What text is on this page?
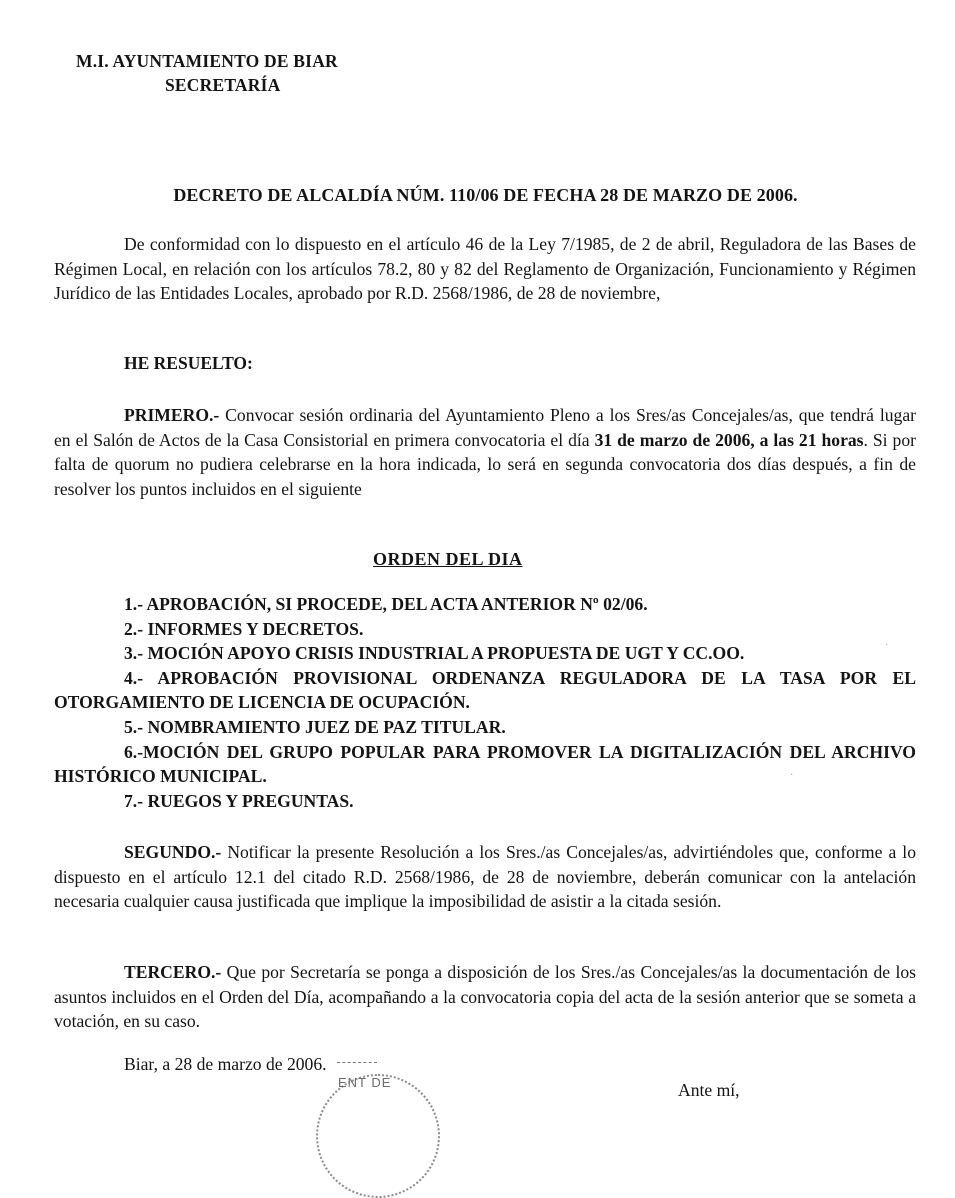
M.I. AYUNTAMIENTO DE BIAR
SECRETARÍA
DECRETO DE ALCALDÍA NÚM. 110/06 DE FECHA 28 DE MARZO DE 2006.
De conformidad con lo dispuesto en el artículo 46 de la Ley 7/1985, de 2 de abril, Reguladora de las Bases de Régimen Local, en relación con los artículos 78.2, 80 y 82 del Reglamento de Organización, Funcionamiento y Régimen Jurídico de las Entidades Locales, aprobado por R.D. 2568/1986, de 28 de noviembre,
HE RESUELTO:
PRIMERO.- Convocar sesión ordinaria del Ayuntamiento Pleno a los Sres/as Concejales/as, que tendrá lugar en el Salón de Actos de la Casa Consistorial en primera convocatoria el día 31 de marzo de 2006, a las 21 horas. Si por falta de quorum no pudiera celebrarse en la hora indicada, lo será en segunda convocatoria dos días después, a fin de resolver los puntos incluidos en el siguiente
ORDEN DEL DIA
1.- APROBACIÓN, SI PROCEDE, DEL ACTA ANTERIOR Nº 02/06.
2.- INFORMES Y DECRETOS.
3.- MOCIÓN APOYO CRISIS INDUSTRIAL A PROPUESTA DE UGT Y CC.OO.
4.- APROBACIÓN PROVISIONAL ORDENANZA REGULADORA DE LA TASA POR EL OTORGAMIENTO DE LICENCIA DE OCUPACIÓN.
5.- NOMBRAMIENTO JUEZ DE PAZ TITULAR.
6.-MOCIÓN DEL GRUPO POPULAR PARA PROMOVER LA DIGITALIZACIÓN DEL ARCHIVO HISTÓRICO MUNICIPAL.
7.- RUEGOS Y PREGUNTAS.
SEGUNDO.- Notificar la presente Resolución a los Sres./as Concejales/as, advirtiéndoles que, conforme a lo dispuesto en el artículo 12.1 del citado R.D. 2568/1986, de 28 de noviembre, deberán comunicar con la antelación necesaria cualquier causa justificada que implique la imposibilidad de asistir a la citada sesión.
TERCERO.- Que por Secretaría se ponga a disposición de los Sres./as Concejales/as la documentación de los asuntos incluidos en el Orden del Día, acompañando a la convocatoria copia del acta de la sesión anterior que se someta a votación, en su caso.
Biar, a 28 de marzo de 2006.
ENT DE	Ante mí,
·
·
